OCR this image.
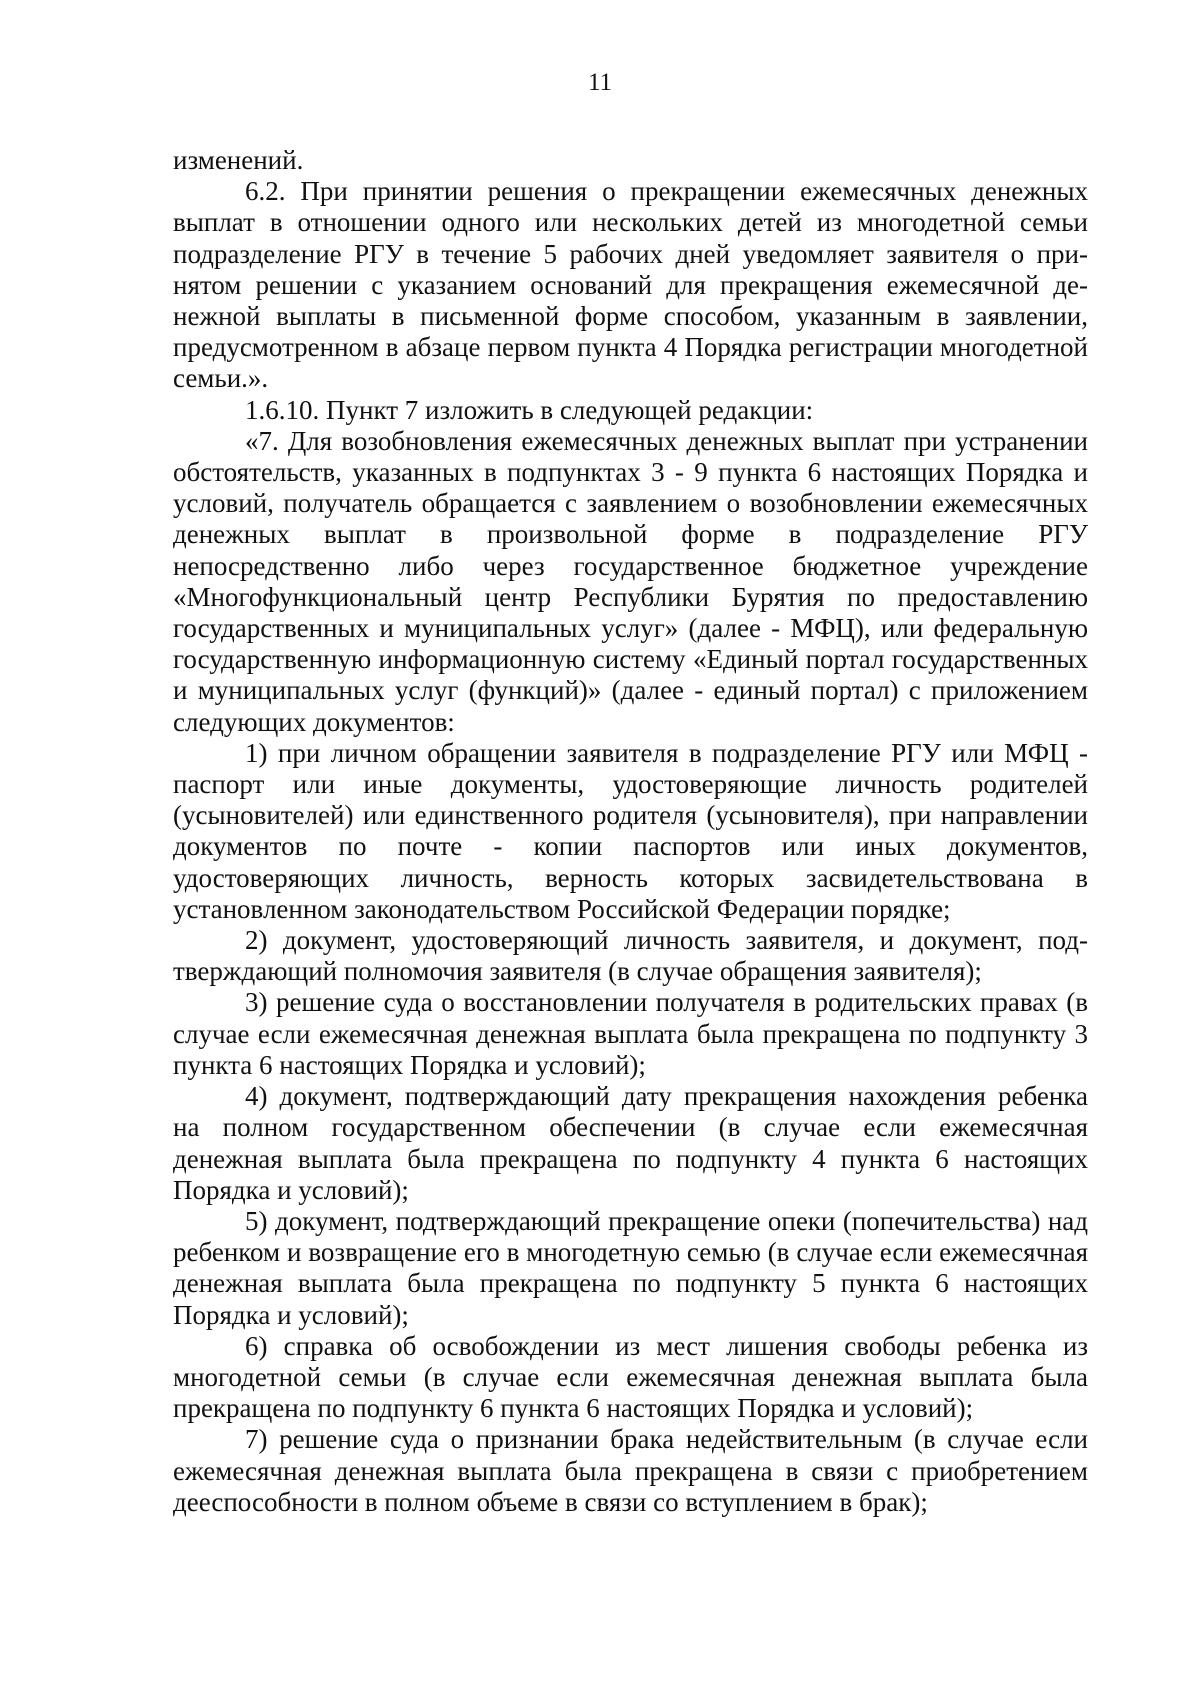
11

изменений.

6.2. При принятии решения о прекращении ежемесячных денежных выплат в отношении одного или нескольких детей из многодетной семьи подразделение РГУ в течение 5 рабочих дней уведомляет заявителя о принятом решении с указанием оснований для прекращения ежемесячной денежной выплаты в письменной форме способом, указанным в заявлении, предусмотренном в абзаце первом пункта 4 Порядка регистрации многодетной семьи.».

1.6.10. Пункт 7 изложить в следующей редакции:

«7. Для возобновления ежемесячных денежных выплат при устранении обстоятельств, указанных в подпунктах 3 - 9 пункта 6 настоящих Порядка и условий, получатель обращается с заявлением о возобновлении ежемесячных денежных выплат в произвольной форме в подразделение РГУ непосредственно либо через государственное бюджетное учреждение «Многофункциональный центр Республики Бурятия по предоставлению государственных и муниципальных услуг» (далее - МФЦ), или федеральную государственную информационную систему «Единый портал государственных и муниципальных услуг (функций)» (далее - единый портал) с приложением следующих документов:

1) при личном обращении заявителя в подразделение РГУ или МФЦ - паспорт или иные документы, удостоверяющие личность родителей (усыновителей) или единственного родителя (усыновителя), при направлении документов по почте - копии паспортов или иных документов, удостоверяющих личность, верность которых засвидетельствована в установленном законодательством Российской Федерации порядке;

2) документ, удостоверяющий личность заявителя, и документ, подтверждающий полномочия заявителя (в случае обращения заявителя);

3) решение суда о восстановлении получателя в родительских правах (в случае если ежемесячная денежная выплата была прекращена по подпункту 3 пункта 6 настоящих Порядка и условий);

4) документ, подтверждающий дату прекращения нахождения ребенка на полном государственном обеспечении (в случае если ежемесячная денежная выплата была прекращена по подпункту 4 пункта 6 настоящих Порядка и условий);

5) документ, подтверждающий прекращение опеки (попечительства) над ребенком и возвращение его в многодетную семью (в случае если ежемесячная денежная выплата была прекращена по подпункту 5 пункта 6 настоящих Порядка и условий);

6) справка об освобождении из мест лишения свободы ребенка из многодетной семьи (в случае если ежемесячная денежная выплата была прекращена по подпункту 6 пункта 6 настоящих Порядка и условий);

7) решение суда о признании брака недействительным (в случае если ежемесячная денежная выплата была прекращена в связи с приобретением дееспособности в полном объеме в связи со вступлением в брак);
